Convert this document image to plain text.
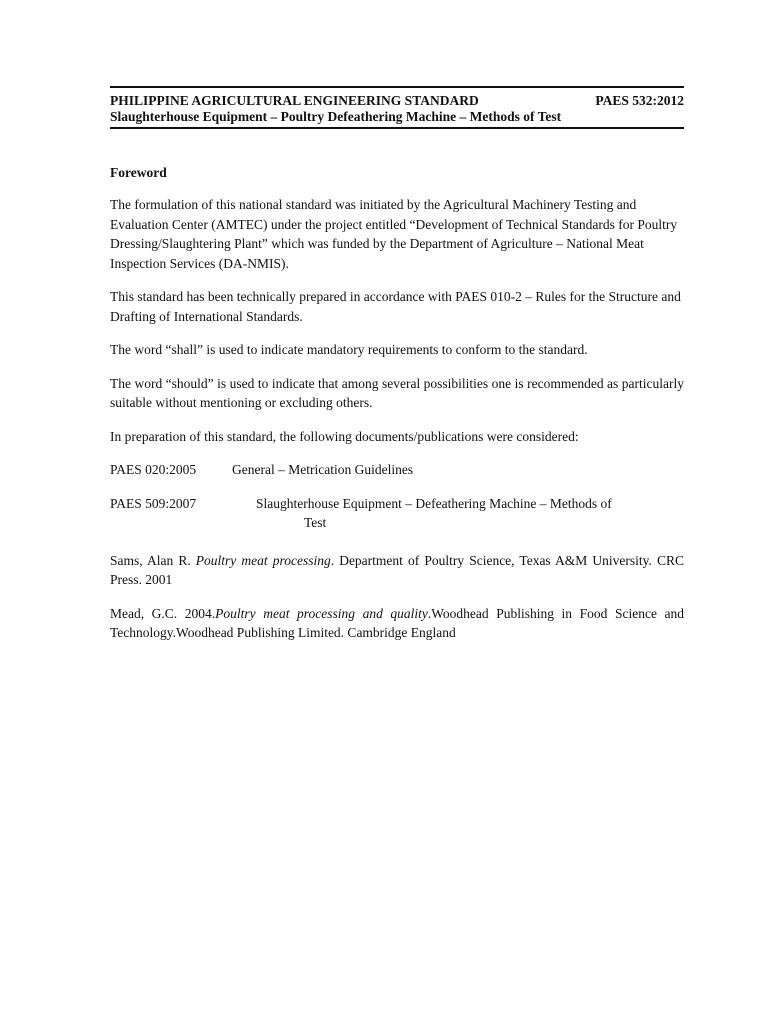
PHILIPPINE AGRICULTURAL ENGINEERING STANDARD	PAES 532:2012
Slaughterhouse Equipment – Poultry Defeathering Machine – Methods of Test
Foreword

The formulation of this national standard was initiated by the Agricultural Machinery Testing and Evaluation Center (AMTEC) under the project entitled “Development of Technical Standards for Poultry Dressing/Slaughtering Plant” which was funded by the Department of Agriculture – National Meat Inspection Services (DA-NMIS).

This standard has been technically prepared in accordance with PAES 010-2 – Rules for the Structure and Drafting of International Standards.

The word “shall” is used to indicate mandatory requirements to conform to the standard.

The word “should” is used to indicate that among several possibilities one is recommended as particularly suitable without mentioning or excluding others.

In preparation of this standard, the following documents/publications were considered:

PAES 020:2005	General – Metrication Guidelines
PAES 509:2007	Slaughterhouse Equipment – Defeathering Machine – Methods of
Test

Sams, Alan R. Poultry meat processing. Department of Poultry Science, Texas A&M University. CRC Press. 2001

Mead, G.C. 2004.Poultry meat processing and quality.Woodhead Publishing in Food Science and Technology.Woodhead Publishing Limited. Cambridge England
